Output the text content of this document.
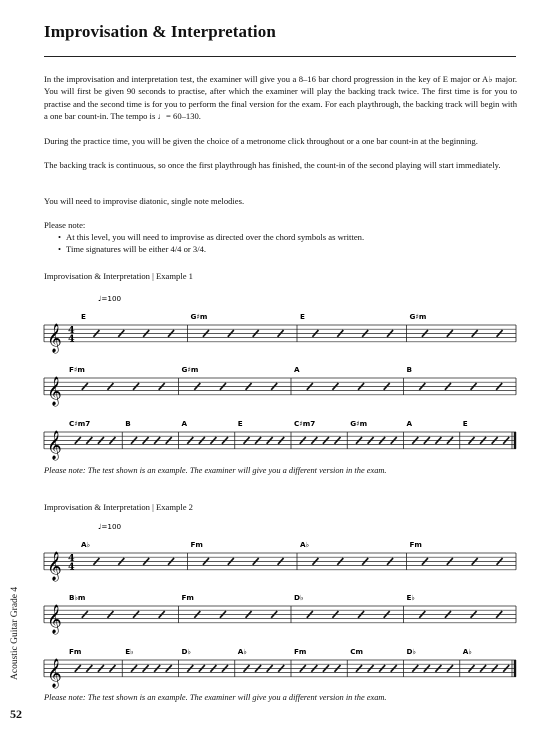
Improvisation & Interpretation

In the improvisation and interpretation test, the examiner will give you a 8–16 bar chord progression in the key of E major or A♭ major. You will first be given 90 seconds to practise, after which the examiner will play the backing track twice. The first time is for you to practise and the second time is for you to perform the final version for the exam. For each playthrough, the backing track will begin with a one bar count-in. The tempo is ♩= 60–130.

During the practice time, you will be given the choice of a metronome click throughout or a one bar count-in at the beginning.

The backing track is continuous, so once the first playthrough has finished, the count-in of the second playing will start immediately.

You will need to improvise diatonic, single note melodies.

Please note:

• At this level, you will need to improvise as directed over the chord symbols as written.
• Time signatures will be either 4/4 or 3/4.
Improvisation & Interpretation | Example 1
𝄞 4
4
♩=100
E	G♯m	E	G♯m
𝄞
F♯m	G♯m	A	B
𝄞
C♯m7	B	A	E	C♯m7	G♯m	A	E
Please note: The test shown is an example. The examiner will give you a different version in the exam.
Improvisation & Interpretation | Example 2
𝄞 4
4
♩=100
A♭	Fm	A♭	Fm
𝄞
B♭m	Fm	D♭	E♭
𝄞
Fm	E♭	D♭	A♭	Fm	Cm	D♭	A♭
Please note: The test shown is an example. The examiner will give you a different version in the exam.
Acoustic Guitar Grade 4
52
